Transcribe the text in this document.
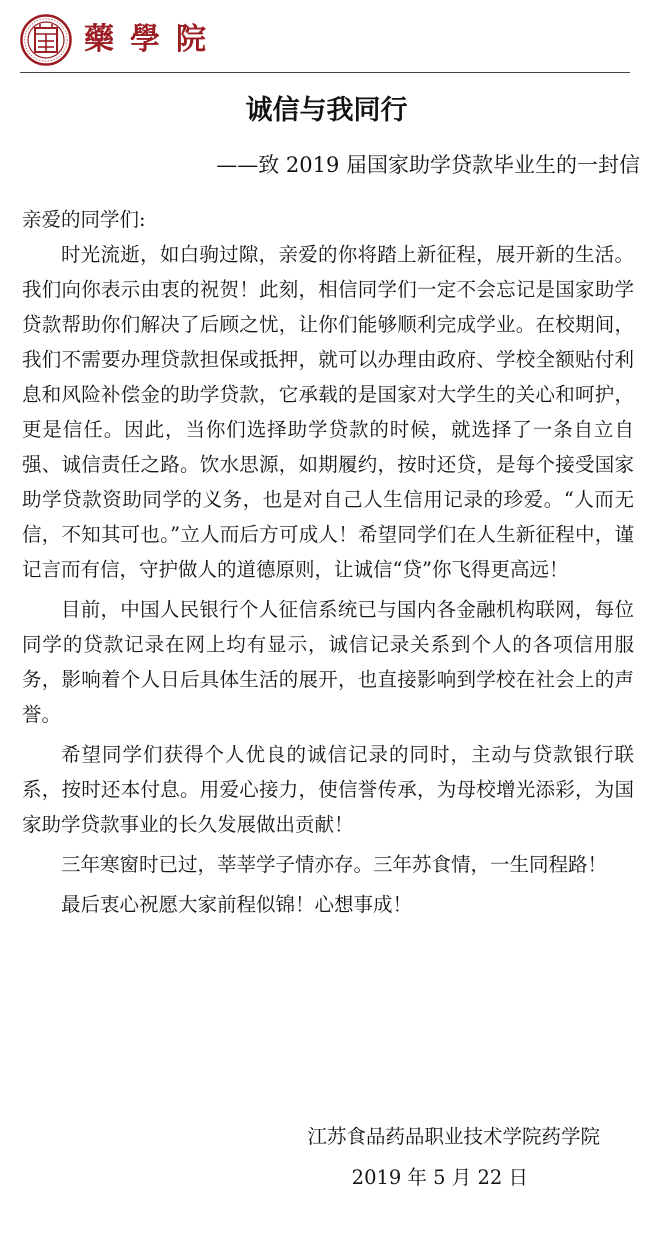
藥學院
诚信与我同行
——致 2019 届国家助学贷款毕业生的一封信

亲爱的同学们:

时光流逝，如白驹过隙，亲爱的你将踏上新征程，展开新的生活。我们向你表示由衷的祝贺！此刻，相信同学们一定不会忘记是国家助学贷款帮助你们解决了后顾之忧，让你们能够顺利完成学业。在校期间，我们不需要办理贷款担保或抵押，就可以办理由政府、学校全额贴付利息和风险补偿金的助学贷款，它承载的是国家对大学生的关心和呵护，更是信任。因此，当你们选择助学贷款的时候，就选择了一条自立自强、诚信责任之路。饮水思源，如期履约，按时还贷，是每个接受国家助学贷款资助同学的义务，也是对自己人生信用记录的珍爱。“人而无信，不知其可也。”立人而后方可成人！希望同学们在人生新征程中，谨记言而有信，守护做人的道德原则，让诚信“贷”你飞得更高远！

目前，中国人民银行个人征信系统已与国内各金融机构联网，每位同学的贷款记录在网上均有显示，诚信记录关系到个人的各项信用服务，影响着个人日后具体生活的展开，也直接影响到学校在社会上的声誉。

希望同学们获得个人优良的诚信记录的同时，主动与贷款银行联系，按时还本付息。用爱心接力，使信誉传承，为母校增光添彩，为国家助学贷款事业的长久发展做出贡献！

三年寒窗时已过，莘莘学子情亦存。三年苏食情，一生同程路！

最后衷心祝愿大家前程似锦！心想事成！

江苏食品药品职业技术学院药学院
2019 年 5 月 22 日
